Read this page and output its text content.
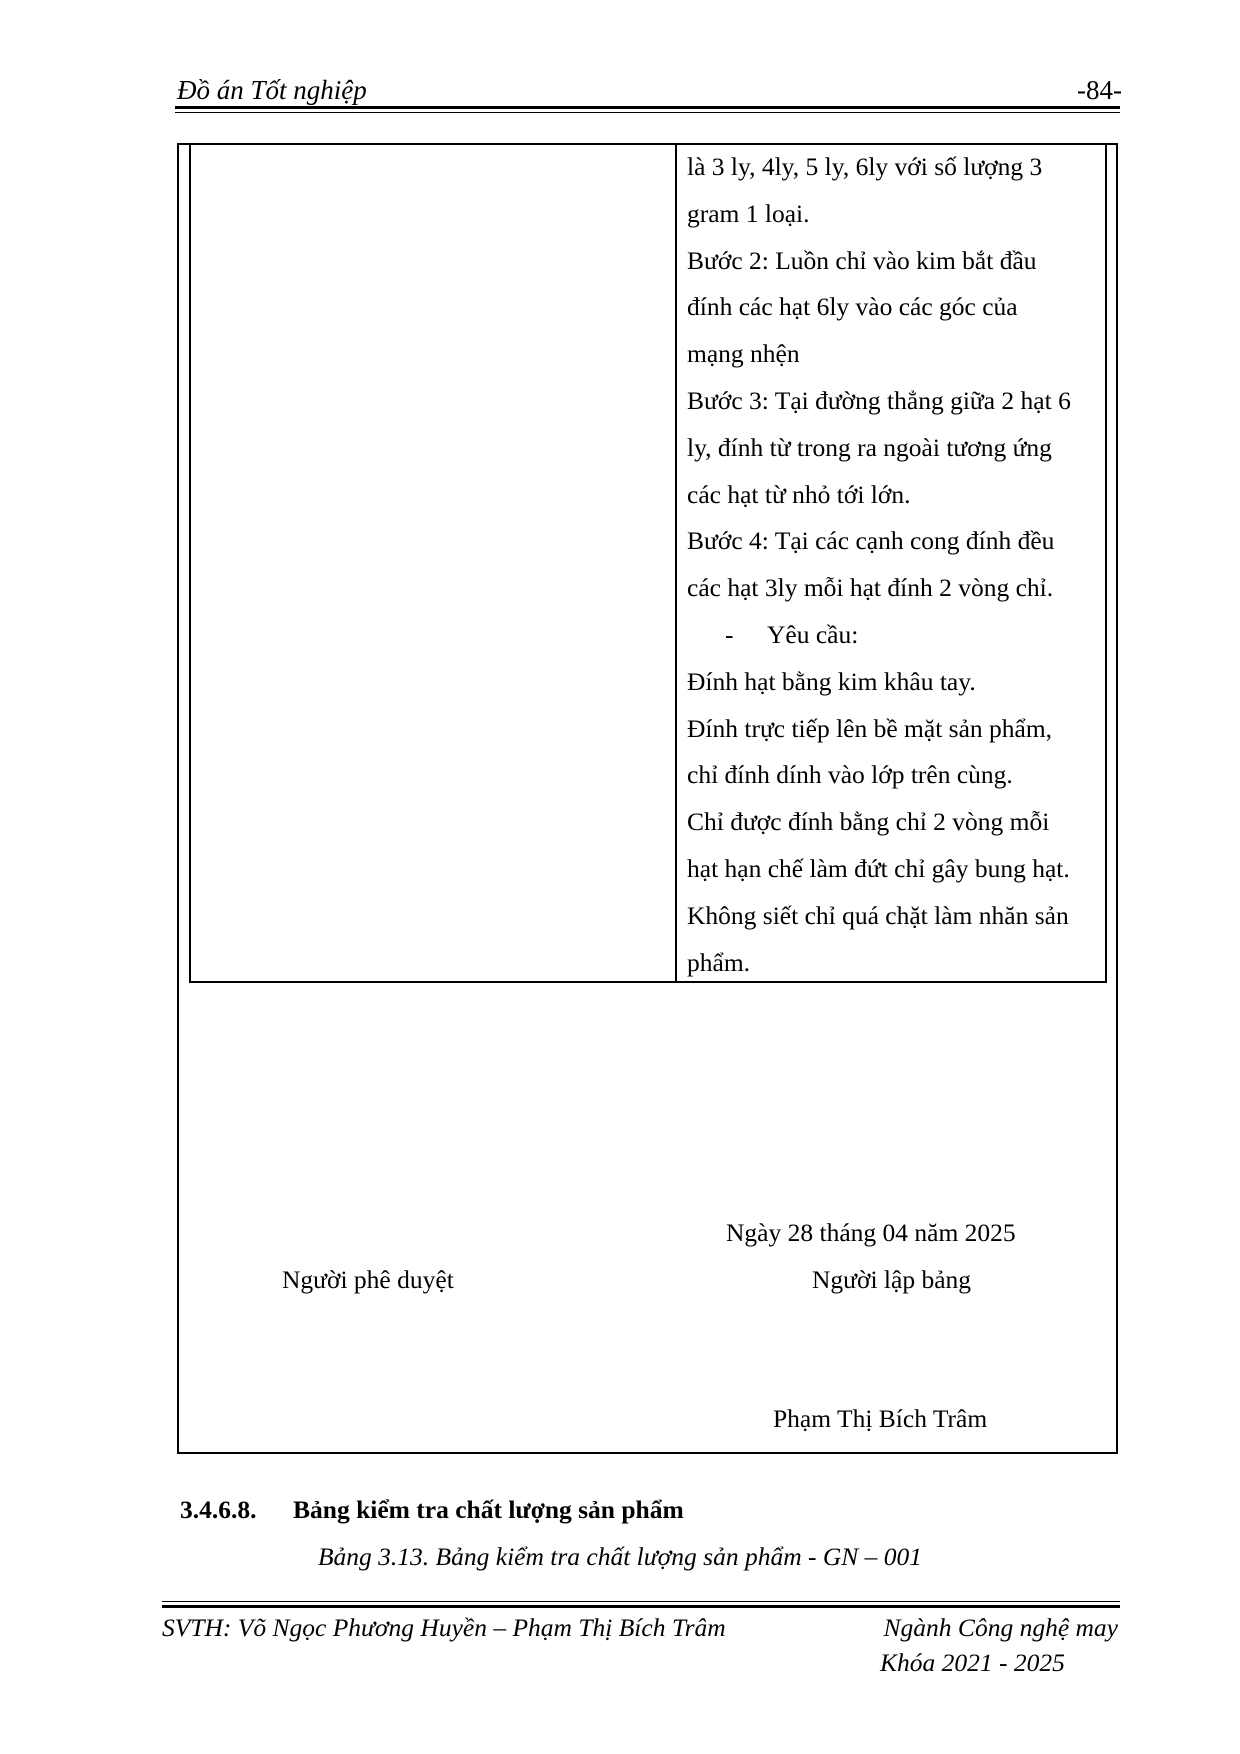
Đồ án Tốt nghiệp	-84-
là 3 ly, 4ly, 5 ly, 6ly với số lượng 3
gram 1 loại.
Bước 2: Luồn chỉ vào kim bắt đầu
đính các hạt 6ly vào các góc của
mạng nhện
Bước 3: Tại đường thẳng giữa 2 hạt 6
ly, đính từ trong ra ngoài tương ứng
các hạt từ nhỏ tới lớn.
Bước 4: Tại các cạnh cong đính đều
các hạt 3ly mỗi hạt đính 2 vòng chỉ.
- Yêu cầu:
Đính hạt bằng kim khâu tay.
Đính trực tiếp lên bề mặt sản phẩm,
chỉ đính dính vào lớp trên cùng.
Chỉ được đính bằng chỉ 2 vòng mỗi
hạt hạn chế làm đứt chỉ gây bung hạt.
Không siết chỉ quá chặt làm nhăn sản
phẩm.
Ngày 28 tháng 04 năm 2025
Người phê duyệt	Người lập bảng
Phạm Thị Bích Trâm
3.4.6.8. Bảng kiểm tra chất lượng sản phẩm
Bảng 3.13. Bảng kiểm tra chất lượng sản phẩm - GN – 001
SVTH: Võ Ngọc Phương Huyền – Phạm Thị Bích Trâm	Ngành Công nghệ may
Khóa 2021 - 2025
